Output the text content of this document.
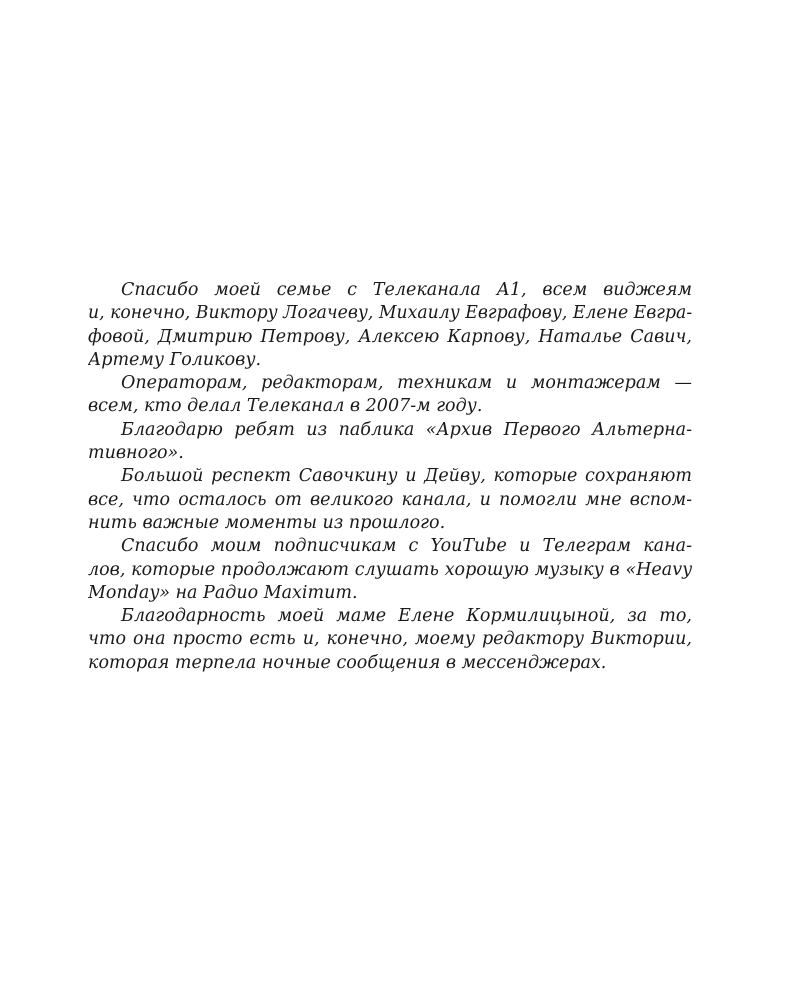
Спасибо моей семье с Телеканала А1, всем виджеям
и, конечно, Виктору Логачеву, Михаилу Евграфову, Елене Евгра-
фовой, Дмитрию Петрову, Алексею Карпову, Наталье Савич,
Артему Голикову.
Операторам, редакторам, техникам и монтажерам —
всем, кто делал Телеканал в 2007-м году.
Благодарю ребят из паблика «Архив Первого Альтерна-
тивного».
Большой респект Савочкину и Дейву, которые сохраняют
все, что осталось от великого канала, и помогли мне вспом-
нить важные моменты из прошлого.
Спасибо моим подписчикам с YouTube и Телеграм кана-
лов, которые продолжают слушать хорошую музыку в «Heavy
Monday» на Радио Maximum.
Благодарность моей маме Елене Кормилицыной, за то,
что она просто есть и, конечно, моему редактору Виктории,
которая терпела ночные сообщения в мессенджерах.
